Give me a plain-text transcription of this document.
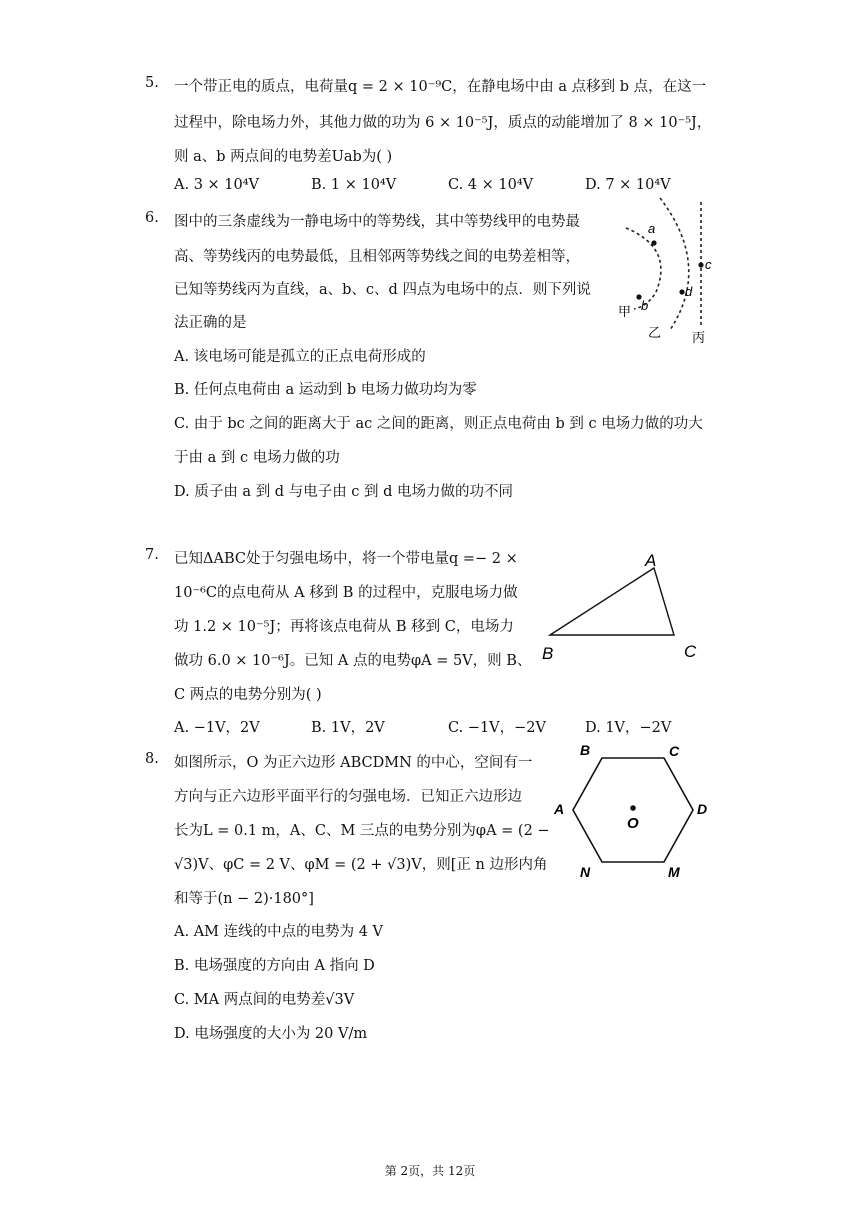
5. 一个带正电的质点，电荷量q = 2 × 10⁻⁹C，在静电场中由 a 点移到 b 点，在这一
过程中，除电场力外，其他力做的功为 6 × 10⁻⁵J，质点的动能增加了 8 × 10⁻⁵J，
则 a、b 两点间的电势差Uab为( )
A. 3 × 10⁴V	B. 1 × 10⁴V	C. 4 × 10⁴V	D. 7 × 10⁴V
6. 图中的三条虚线为一静电场中的等势线，其中等势线甲的电势最
高、等势线丙的电势最低，且相邻两等势线之间的电势差相等，
已知等势线丙为直线，a、b、c、d 四点为电场中的点．则下列说
法正确的是
A. 该电场可能是孤立的正点电荷形成的
B. 任何点电荷由 a 运动到 b 电场力做功均为零
C. 由于 bc 之间的距离大于 ac 之间的距离，则正点电荷由 b 到 c 电场力做的功大
于由 a 到 c 电场力做的功
D. 质子由 a 到 d 与电子由 c 到 d 电场力做的功不同
a
b
c
d
甲
乙 丙
7. 已知ΔABC处于匀强电场中，将一个带电量q =− 2 ×
10⁻⁶C的点电荷从 A 移到 B 的过程中，克服电场力做
功 1.2 × 10⁻⁵J；再将该点电荷从 B 移到 C，电场力
做功 6.0 × 10⁻⁶J。已知 A 点的电势φA = 5V，则 B、
C 两点的电势分别为( )
A. −1V，2V	B. 1V，2V	C. −1V，−2V	D. 1V，−2V
A
B	C
8. 如图所示，O 为正六边形 ABCDMN 的中心，空间有一
方向与正六边形平面平行的匀强电场．已知正六边形边
长为L = 0.1 m，A、C、M 三点的电势分别为φA = (2 −
√3)V、φC = 2 V、φM = (2 + √3)V，则[正 n 边形内角
和等于(n − 2)·180°]
A. AM 连线的中点的电势为 4 V
B. 电场强度的方向由 A 指向 D
C. MA 两点间的电势差√3V
D. 电场强度的大小为 20 V/m
O
B	C
D
M
N
A
第 2页，共 12页
